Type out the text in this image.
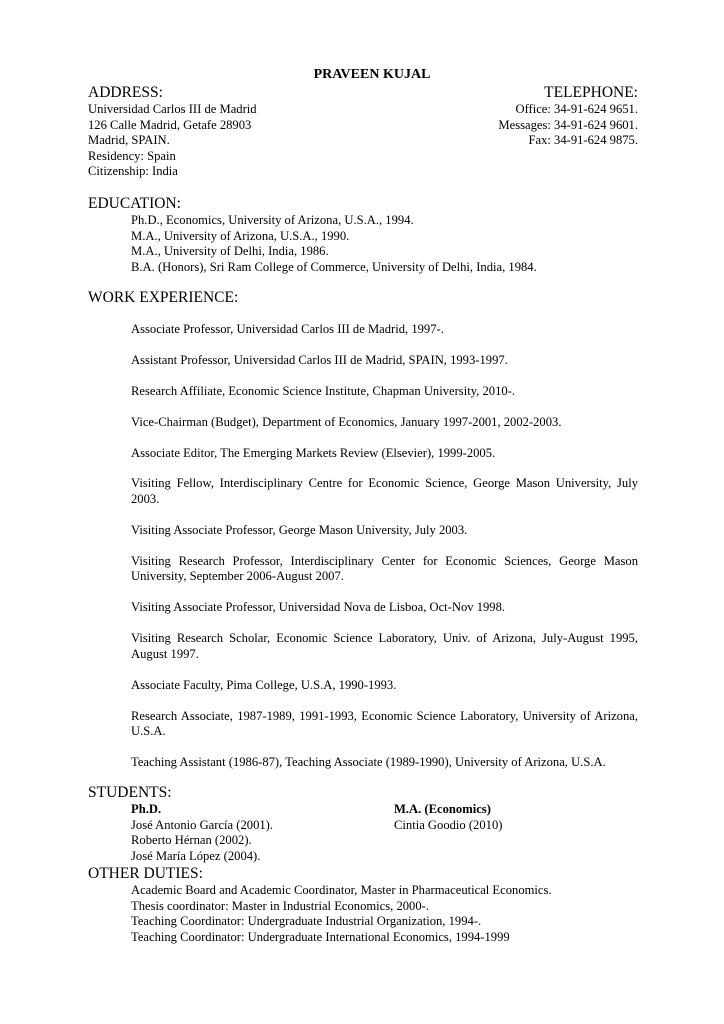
PRAVEEN KUJAL
ADDRESS:
Universidad Carlos III de Madrid
126 Calle Madrid, Getafe 28903
Madrid, SPAIN.
Residency: Spain
Citizenship: India
TELEPHONE:
Office: 34-91-624 9651.
Messages: 34-91-624 9601.
Fax: 34-91-624 9875.
EDUCATION:
Ph.D., Economics, University of Arizona, U.S.A., 1994.
M.A., University of Arizona, U.S.A., 1990.
M.A., University of Delhi, India, 1986.
B.A. (Honors), Sri Ram College of Commerce, University of Delhi, India, 1984.
WORK EXPERIENCE:

Associate Professor, Universidad Carlos III de Madrid, 1997-.

Assistant Professor, Universidad Carlos III de Madrid, SPAIN, 1993-1997.

Research Affiliate, Economic Science Institute, Chapman University, 2010-.

Vice-Chairman (Budget), Department of Economics, January 1997-2001, 2002-2003.

Associate Editor, The Emerging Markets Review (Elsevier), 1999-2005.

Visiting Fellow, Interdisciplinary Centre for Economic Science, George Mason University, July 2003.

Visiting Associate Professor, George Mason University, July 2003.

Visiting Research Professor, Interdisciplinary Center for Economic Sciences, George Mason University, September 2006-August 2007.

Visiting Associate Professor, Universidad Nova de Lisboa, Oct-Nov 1998.

Visiting Research Scholar, Economic Science Laboratory, Univ. of Arizona, July-August 1995, August 1997.

Associate Faculty, Pima College, U.S.A, 1990-1993.

Research Associate, 1987-1989, 1991-1993, Economic Science Laboratory, University of Arizona, U.S.A.

Teaching Assistant (1986-87), Teaching Associate (1989-1990), University of Arizona, U.S.A.

STUDENTS:
Ph.D.
José Antonio García (2001).
Roberto Hérnan (2002).
José María López (2004).
M.A. (Economics)
Cintia Goodio (2010)
OTHER DUTIES:
Academic Board and Academic Coordinator, Master in Pharmaceutical Economics.
Thesis coordinator: Master in Industrial Economics, 2000-.
Teaching Coordinator: Undergraduate Industrial Organization, 1994-.
Teaching Coordinator: Undergraduate International Economics, 1994-1999
